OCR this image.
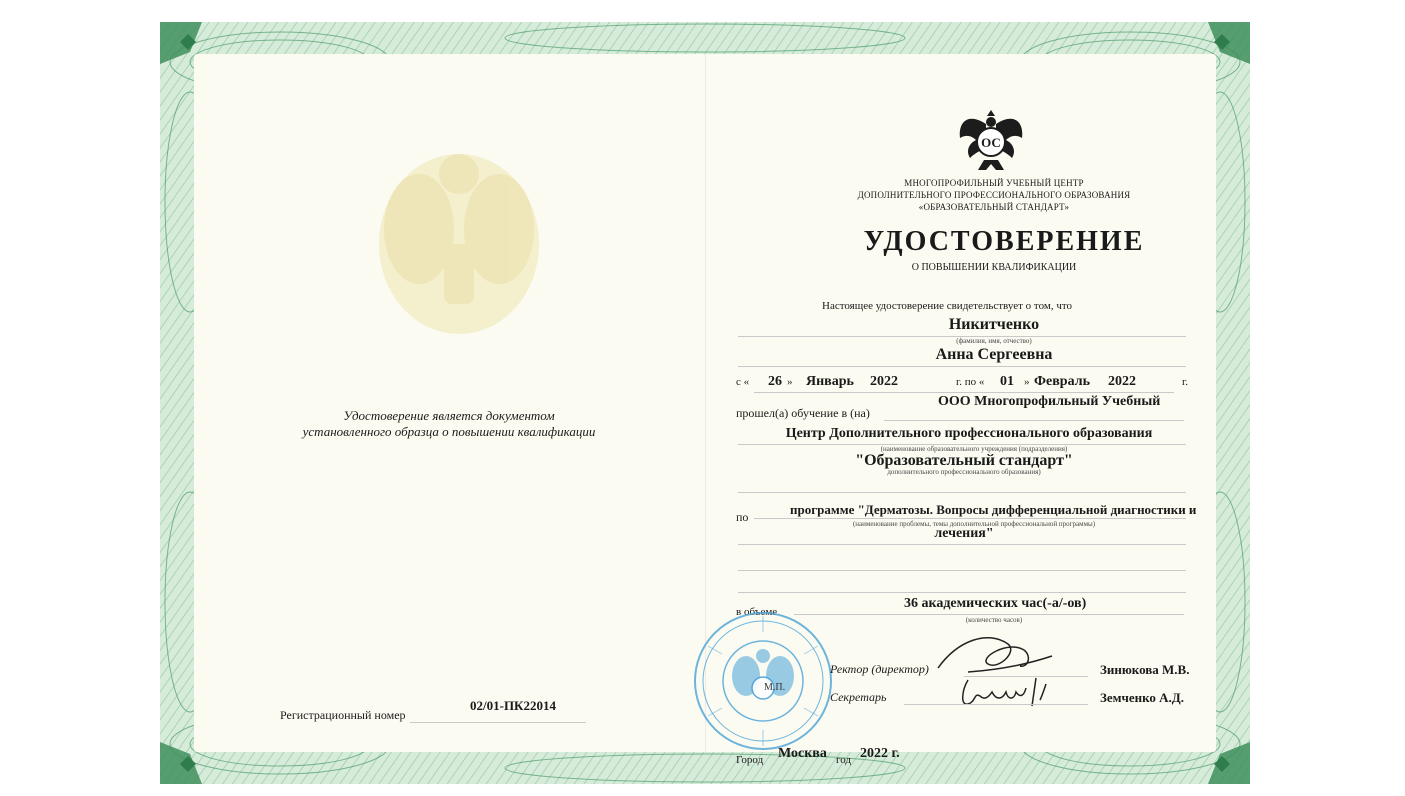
Удостоверение является документом
установленного образца о повышении квалификации
Регистрационный номер
02/01-ПК22014
ОС
МНОГОПРОФИЛЬНЫЙ УЧЕБНЫЙ ЦЕНТР
ДОПОЛНИТЕЛЬНОГО ПРОФЕССИОНАЛЬНОГО ОБРАЗОВАНИЯ
«ОБРАЗОВАТЕЛЬНЫЙ СТАНДАРТ»
УДОСТОВЕРЕНИЕ
О ПОВЫШЕНИИ КВАЛИФИКАЦИИ
Настоящее удостоверение свидетельствует о том, что
Никитченко
(фамилия, имя, отчество)
Анна Сергеевна
с « 26 » Январь 2022	г. по « 01 » Февраль 2022	г.
прошел(а) обучение в (на)
ООО Многопрофильный Учебный
Центр Дополнительного профессионального образования
(наименование образовательного учреждения (подразделения)
"Образовательный стандарт"
дополнительного профессионального образования)
по	программе "Дерматозы. Вопросы дифференциальной диагностики и
(наименование проблемы, темы дополнительной профессиональной программы)
лечения"
в объеме
36 академических час(-а/-ов)
(количество часов)
М.П.
Ректор (директор)	Зинюкова М.В.
Секретарь	Земченко А.Д.
Город Москва год 2022 г.
